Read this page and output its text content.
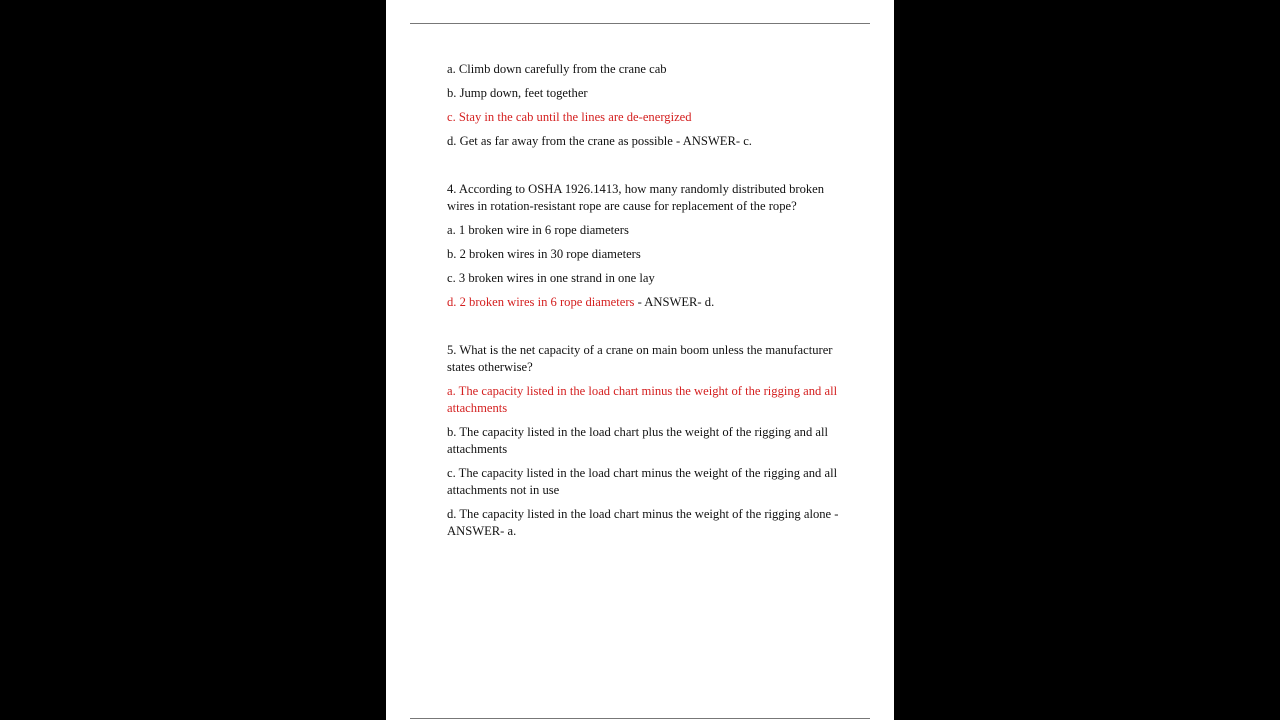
a. Climb down carefully from the crane cab

b. Jump down, feet together

c. Stay in the cab until the lines are de-energized

d. Get as far away from the crane as possible - ANSWER- c.

4. According to OSHA 1926.1413, how many randomly distributed broken wires in rotation-resistant rope are cause for replacement of the rope?

a. 1 broken wire in 6 rope diameters

b. 2 broken wires in 30 rope diameters

c. 3 broken wires in one strand in one lay

d. 2 broken wires in 6 rope diameters - ANSWER- d.

5. What is the net capacity of a crane on main boom unless the manufacturer states otherwise?

a. The capacity listed in the load chart minus the weight of the rigging and all attachments

b. The capacity listed in the load chart plus the weight of the rigging and all attachments

c. The capacity listed in the load chart minus the weight of the rigging and all attachments not in use

d. The capacity listed in the load chart minus the weight of the rigging alone - ANSWER- a.
